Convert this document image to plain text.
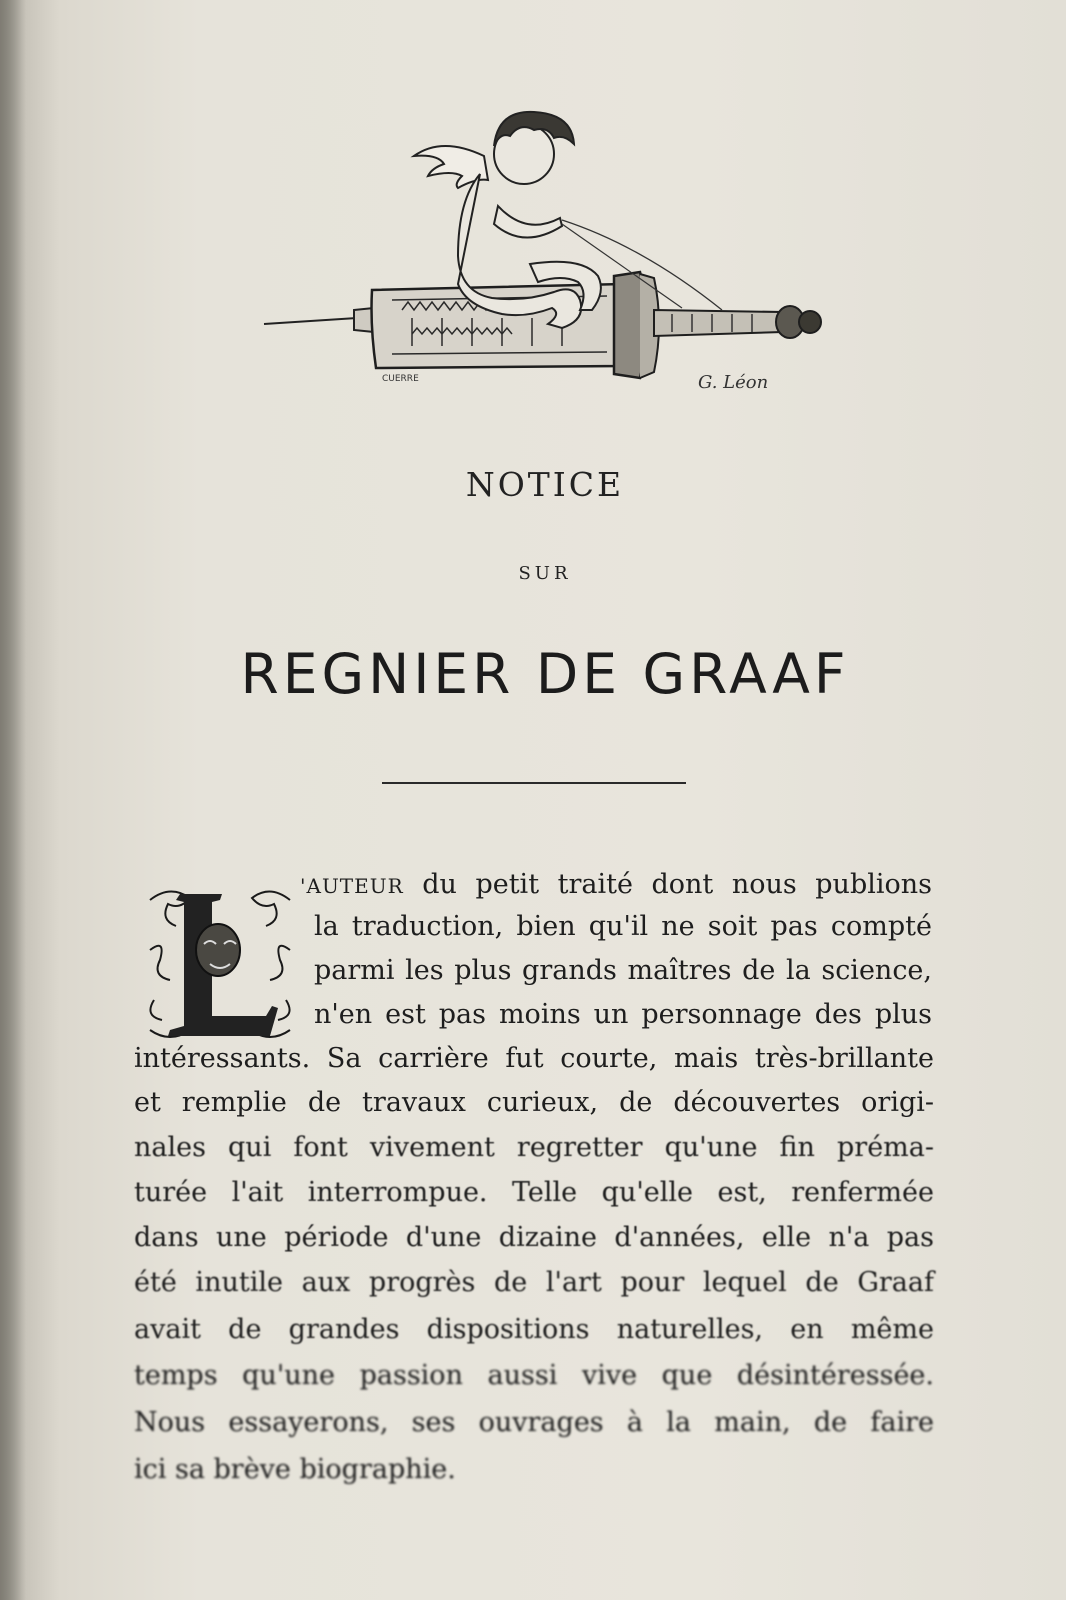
CUERRE	G. Léon
NOTICE
SUR
REGNIER DE GRAAF
L	'AUTEUR du petit traité dont nous publions
la traduction, bien qu'il ne soit pas compté
parmi les plus grands maîtres de la science,
n'en est pas moins un personnage des plus
intéressants. Sa carrière fut courte, mais très-brillante
et remplie de travaux curieux, de découvertes origi-
nales qui font vivement regretter qu'une fin préma-
turée l'ait interrompue. Telle qu'elle est, renfermée
dans une période d'une dizaine d'années, elle n'a pas
été inutile aux progrès de l'art pour lequel de Graaf
avait de grandes dispositions naturelles, en même
temps qu'une passion aussi vive que désintéressée.
Nous essayerons, ses ouvrages à la main, de faire
ici sa brève biographie.
